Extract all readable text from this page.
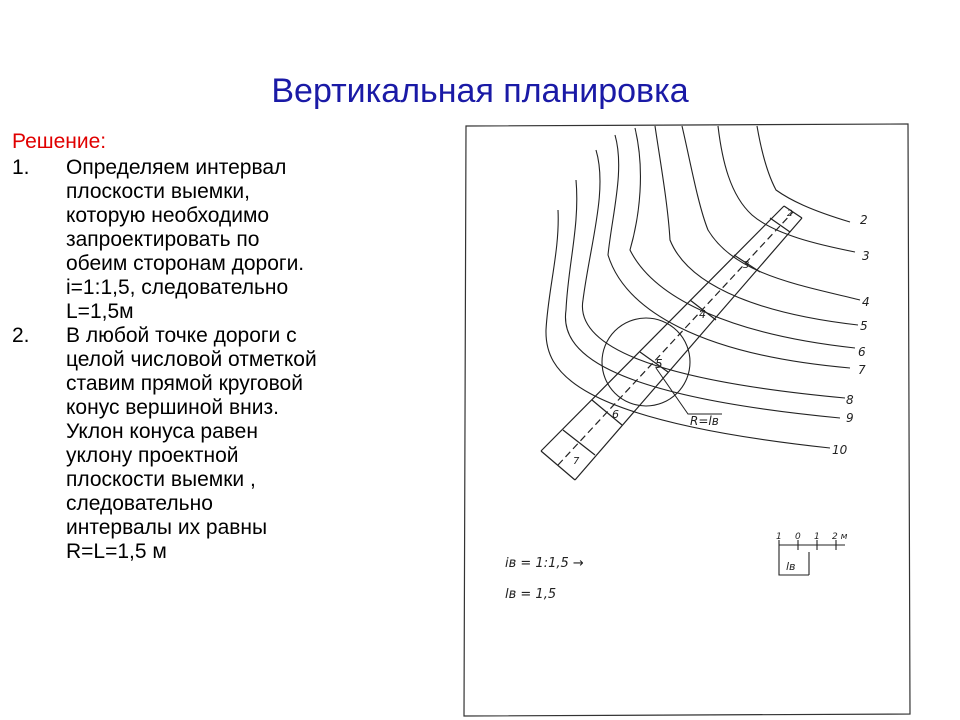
Вертикальная планировка
Решение:
1.	Определяем интервал
плоскости выемки,
которую необходимо
запроектировать по
обеим сторонам дороги.
i=1:1,5, следовательно
L=1,5м
2.	В любой точке дороги с
целой числовой отметкой
ставим прямой круговой
конус вершиной вниз.
Уклон конуса равен
уклону проектной
плоскости выемки ,
следовательно
интервалы их равны
R=L=1,5 м
R=lв
2
3
4
5
6
7
2
3
4
5
6
7
8
9
10
iв = 1:1,5 →
lв = 1,5
1 0 1 2 м
lв
